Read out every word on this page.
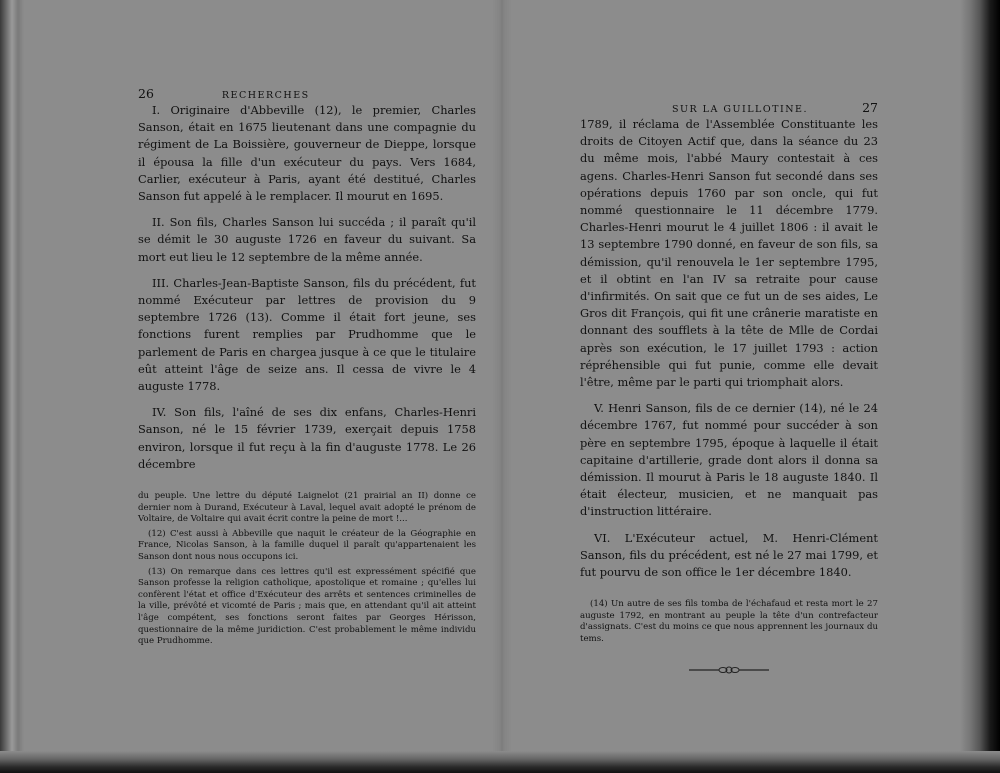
26	RECHERCHES

I. Originaire d'Abbeville (12), le premier, Charles Sanson, était en 1675 lieutenant dans une compagnie du régiment de La Boissière, gouverneur de Dieppe, lorsque il épousa la fille d'un exécuteur du pays. Vers 1684, Carlier, exécuteur à Paris, ayant été destitué, Charles Sanson fut appelé à le remplacer. Il mourut en 1695.

II. Son fils, Charles Sanson lui succéda ; il paraît qu'il se démit le 30 auguste 1726 en faveur du suivant. Sa mort eut lieu le 12 septembre de la même année.

III. Charles-Jean-Baptiste Sanson, fils du précédent, fut nommé Exécuteur par lettres de provision du 9 septembre 1726 (13). Comme il était fort jeune, ses fonctions furent remplies par Prudhomme que le parlement de Paris en chargea jusque à ce que le titulaire eût atteint l'âge de seize ans. Il cessa de vivre le 4 auguste 1778.

IV. Son fils, l'aîné de ses dix enfans, Charles-Henri Sanson, né le 15 février 1739, exerçait depuis 1758 environ, lorsque il fut reçu à la fin d'auguste 1778. Le 26 décembre

du peuple. Une lettre du député Laignelot (21 prairial an II) donne ce dernier nom à Durand, Exécuteur à Laval, lequel avait adopté le prénom de Voltaire, de Voltaire qui avait écrit contre la peine de mort !...

(12) C'est aussi à Abbeville que naquit le créateur de la Géographie en France, Nicolas Sanson, à la famille duquel il paraît qu'appartenaient les Sanson dont nous nous occupons ici.

(13) On remarque dans ces lettres qu'il est expressément spécifié que Sanson professe la religion catholique, apostolique et romaine ; qu'elles lui confèrent l'état et office d'Exécuteur des arrêts et sentences criminelles de la ville, prévôté et vicomté de Paris ; mais que, en attendant qu'il ait atteint l'âge compétent, ses fonctions seront faites par Georges Hérisson, questionnaire de la même juridiction. C'est probablement le même individu que Prudhomme.

SUR LA GUILLOTINE.	27

1789, il réclama de l'Assemblée Constituante les droits de Citoyen Actif que, dans la séance du 23 du même mois, l'abbé Maury contestait à ces agens. Charles-Henri Sanson fut secondé dans ses opérations depuis 1760 par son oncle, qui fut nommé questionnaire le 11 décembre 1779. Charles-Henri mourut le 4 juillet 1806 : il avait le 13 septembre 1790 donné, en faveur de son fils, sa démission, qu'il renouvela le 1er septembre 1795, et il obtint en l'an IV sa retraite pour cause d'infirmités. On sait que ce fut un de ses aides, Le Gros dit François, qui fit une crânerie maratiste en donnant des soufflets à la tête de Mlle de Cordai après son exécution, le 17 juillet 1793 : action répréhensible qui fut punie, comme elle devait l'être, même par le parti qui triomphait alors.

V. Henri Sanson, fils de ce dernier (14), né le 24 décembre 1767, fut nommé pour succéder à son père en septembre 1795, époque à laquelle il était capitaine d'artillerie, grade dont alors il donna sa démission. Il mourut à Paris le 18 auguste 1840. Il était électeur, musicien, et ne manquait pas d'instruction littéraire.

VI. L'Exécuteur actuel, M. Henri-Clément Sanson, fils du précédent, est né le 27 mai 1799, et fut pourvu de son office le 1er décembre 1840.

(14) Un autre de ses fils tomba de l'échafaud et resta mort le 27 auguste 1792, en montrant au peuple la tête d'un contrefacteur d'assignats. C'est du moins ce que nous apprennent les journaux du tems.
